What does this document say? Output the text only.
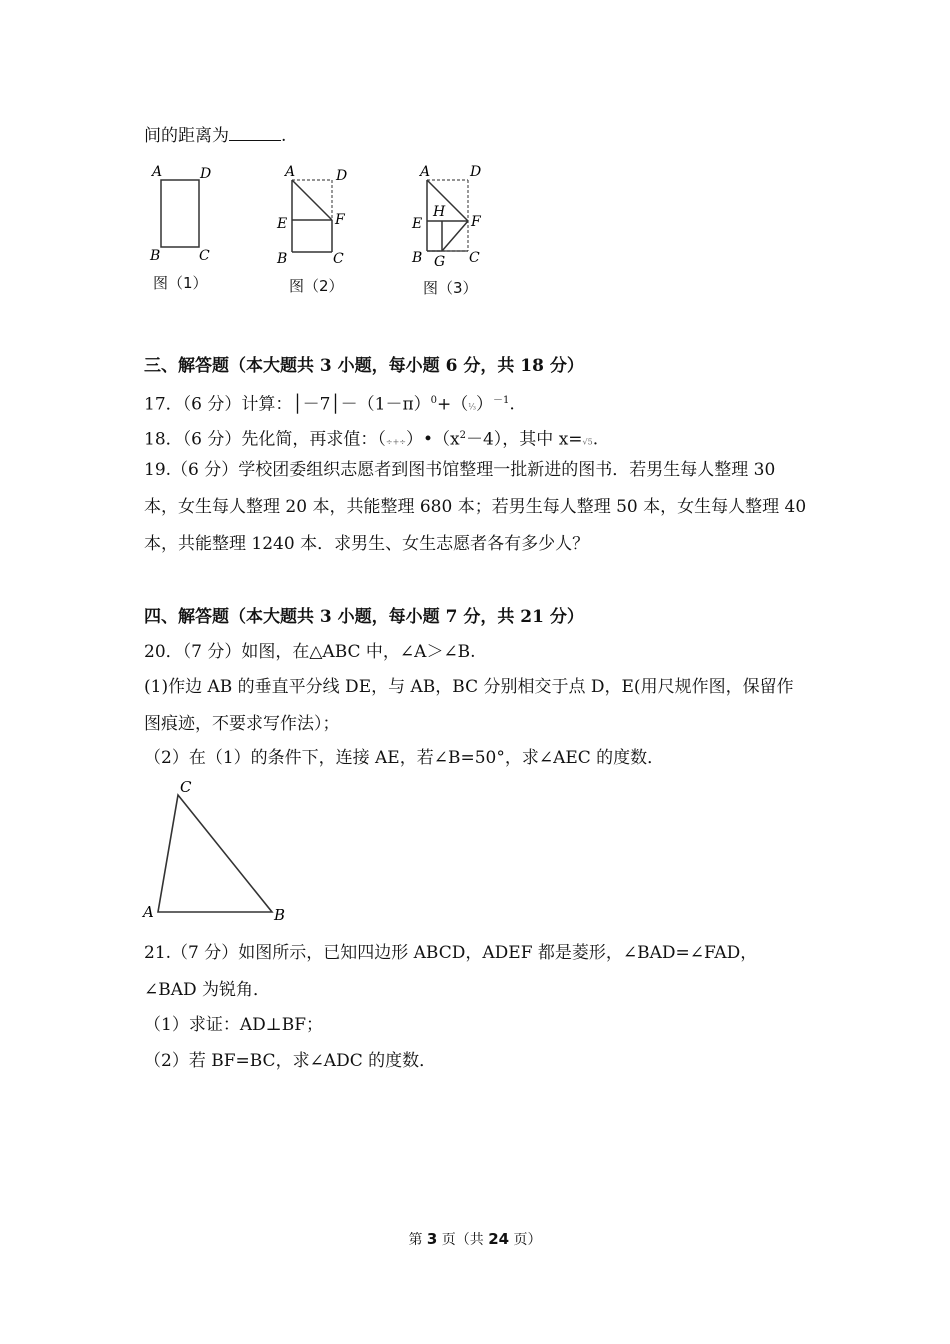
间的距离为	.
A	D
B	C
图（1）
A	D
E	F
B	C
图（2）
A	D
E
H
F
B G C
图（3）
三、解答题（本大题共 3 小题，每小题 6 分，共 18 分）
17．（6 分）计算：$│-7│-(1-\pi)^0+(\frac{1}{3})^{-1}$.
18．（6 分）先化简，再求值：$(\div+\div)•(x^2-4)$，其中 x=√5.
19.（6 分）学校团委组织志愿者到图书馆整理一批新进的图书．若男生每人整理 30 本，女生每人整理 20 本，共能整理 680 本；若男生每人整理 50 本，女生每人整理 40 本，共能整理 1240 本．求男生、女生志愿者各有多少人？
四、解答题（本大题共 3 小题，每小题 7 分，共 21 分）
20．（7 分）如图，在△ABC 中，∠A＞∠B.
(1)作边 AB 的垂直平分线 DE，与 AB，BC 分别相交于点 D，E(用尺规作图，保留作图痕迹，不要求写作法）；
（2）在（1）的条件下，连接 AE，若∠B=50°，求∠AEC 的度数．
C
A	B
21.（7 分）如图所示，已知四边形 ABCD，ADEF 都是菱形，∠BAD=∠FAD，∠BAD 为锐角．
（1）求证：AD⊥BF；
（2）若 BF=BC，求∠ADC 的度数．
第 3 页（共 24 页）
